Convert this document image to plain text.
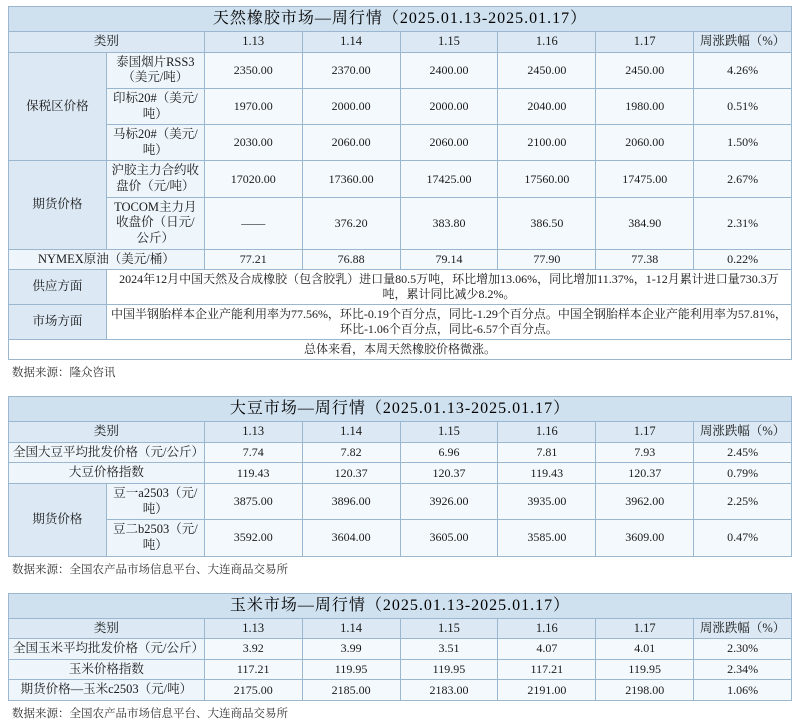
天然橡胶市场—周行情（2025.01.13-2025.01.17）							
类别		1.13	1.14	1.15	1.16	1.17	周涨跌幅（%）
保税区价格	泰国烟片RSS3（美元/吨）	2350.00	2370.00	2400.00	2450.00	2450.00	4.26%
	印标20#（美元/吨）	1970.00	2000.00	2000.00	2040.00	1980.00	0.51%
	马标20#（美元/吨）	2030.00	2060.00	2060.00	2100.00	2060.00	1.50%
期货价格	沪胶主力合约收盘价（元/吨）	17020.00	17360.00	17425.00	17560.00	17475.00	2.67%
	TOCOM主力月收盘价（日元/公斤）	——	376.20	383.80	386.50	384.90	2.31%
NYMEX原油（美元/桶）		77.21	76.88	79.14	77.90	77.38	0.22%
供应方面	2024年12月中国天然及合成橡胶（包含胶乳）进口量80.5万吨，环比增加13.06%，同比增加11.37%，1-12月累计进口量730.3万吨，累计同比减少8.2%。						
市场方面	中国半钢胎样本企业产能利用率为77.56%，环比-0.19个百分点，同比-1.29个百分点。中国全钢胎样本企业产能利用率为57.81%，环比-1.06个百分点，同比-6.57个百分点。						
总体来看，本周天然橡胶价格微涨。							
数据来源：隆众咨讯
大豆市场—周行情（2025.01.13-2025.01.17）							
类别		1.13	1.14	1.15	1.16	1.17	周涨跌幅（%）
全国大豆平均批发价格（元/公斤）		7.74	7.82	6.96	7.81	7.93	2.45%
大豆价格指数		119.43	120.37	120.37	119.43	120.37	0.79%
期货价格	豆一a2503（元/吨）	3875.00	3896.00	3926.00	3935.00	3962.00	2.25%
	豆二b2503（元/吨）	3592.00	3604.00	3605.00	3585.00	3609.00	0.47%
数据来源：全国农产品市场信息平台、大连商品交易所
玉米市场—周行情（2025.01.13-2025.01.17）						
类别	1.13	1.14	1.15	1.16	1.17	周涨跌幅（%）
全国玉米平均批发价格（元/公斤）	3.92	3.99	3.51	4.07	4.01	2.30%
玉米价格指数	117.21	119.95	119.95	117.21	119.95	2.34%
期货价格—玉米c2503（元/吨）	2175.00	2185.00	2183.00	2191.00	2198.00	1.06%
数据来源：全国农产品市场信息平台、大连商品交易所
